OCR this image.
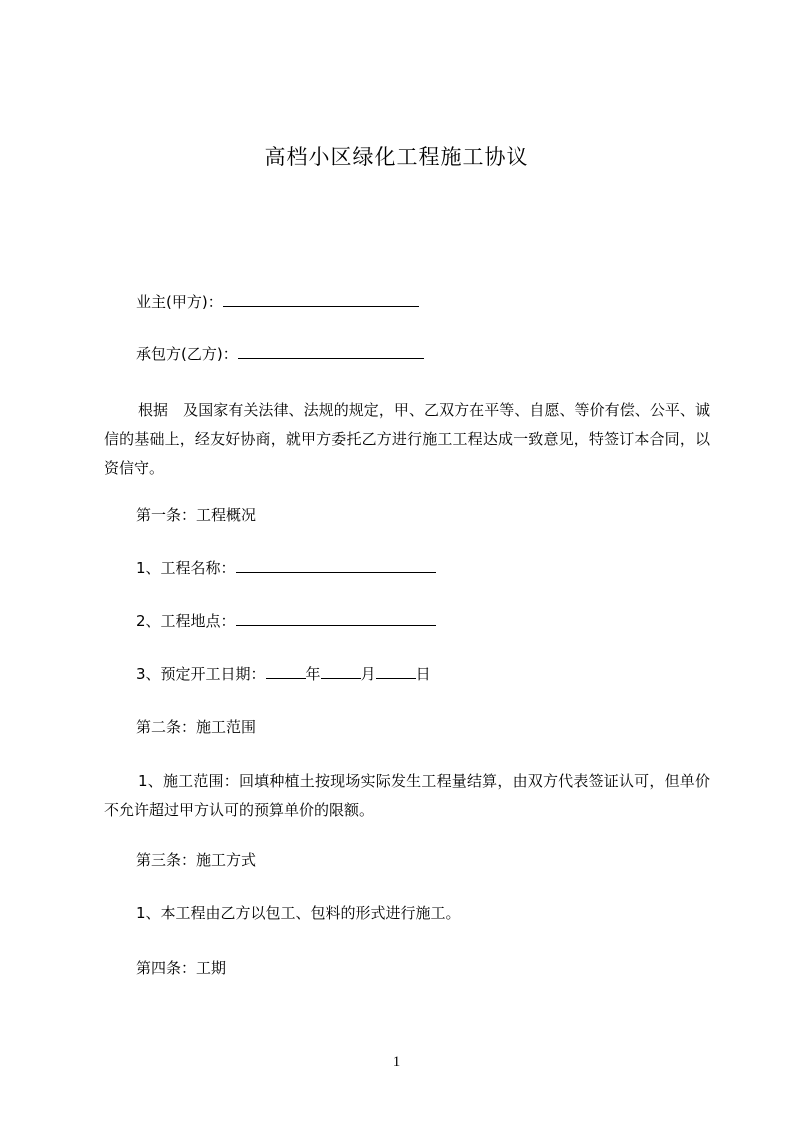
高档小区绿化工程施工协议
业主(甲方)：
承包方(乙方)：
根据　及国家有关法律、法规的规定，甲、乙双方在平等、自愿、等价有偿、公平、诚信的基础上，经友好协商，就甲方委托乙方进行施工工程达成一致意见，特签订本合同，以资信守。
第一条：工程概况
1、工程名称：
2、工程地点：
3、预定开工日期：	年	月	日
第二条：施工范围
1、施工范围：回填种植土按现场实际发生工程量结算，由双方代表签证认可，但单价不允许超过甲方认可的预算单价的限额。
第三条：施工方式
1、本工程由乙方以包工、包料的形式进行施工。
第四条：工期
1
